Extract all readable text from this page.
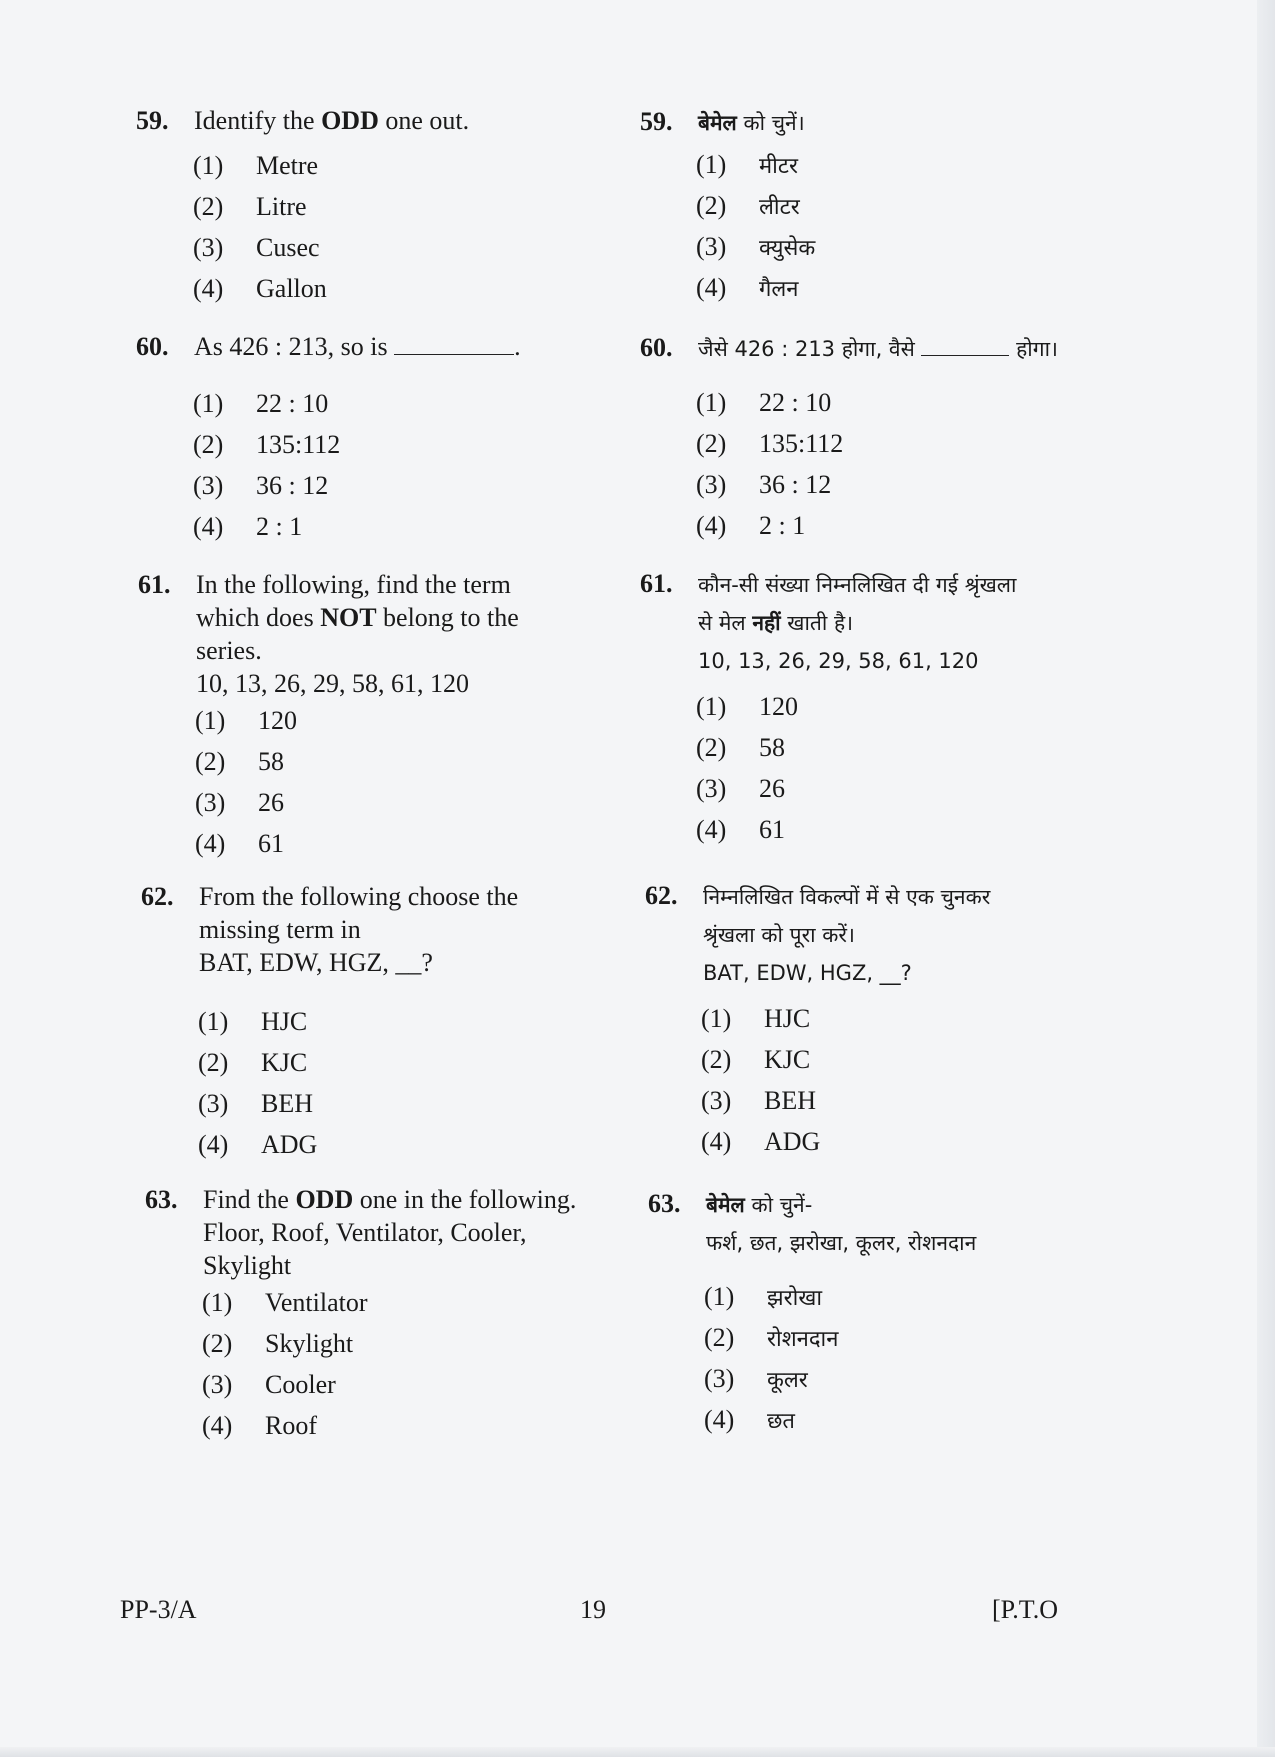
59. Identify the ODD one out.
(1)	Metre
(2)	Litre
(3)	Cusec
(4)	Gallon
60. As 426 : 213, so is	.
(1)	22 : 10
(2)	135:112
(3)	36 : 12
(4)	2 : 1
61. In the following, find the term
which does NOT belong to the
series.
10, 13, 26, 29, 58, 61, 120
(1)	120
(2)	58
(3)	26
(4)	61
62. From the following choose the
missing term in
BAT, EDW, HGZ, __?
(1)	HJC
(2)	KJC
(3)	BEH
(4)	ADG
63. Find the ODD one in the following.
Floor, Roof, Ventilator, Cooler,
Skylight
(1)	Ventilator
(2)	Skylight
(3)	Cooler
(4)	Roof
59.	बेमेल को चुनें।
(1)	मीटर
(2)	लीटर
(3)	क्युसेक
(4)	गैलन
60.	जैसे 426 : 213 होगा, वैसे	होगा।
(1)	22 : 10
(2)	135:112
(3)	36 : 12
(4)	2 : 1
61.	कौन-सी संख्या निम्नलिखित दी गई श्रृंखला
से मेल नहीं खाती है।
10, 13, 26, 29, 58, 61, 120
(1)	120
(2)	58
(3)	26
(4)	61
62.	निम्नलिखित विकल्पों में से एक चुनकर
श्रृंखला को पूरा करें।
BAT, EDW, HGZ, __?
(1)	HJC
(2)	KJC
(3)	BEH
(4)	ADG
63.	बेमेल को चुनें-
फर्श, छत, झरोखा, कूलर, रोशनदान
(1)	झरोखा
(2)	रोशनदान
(3)	कूलर
(4)	छत
PP-3/A	19	[P.T.O
